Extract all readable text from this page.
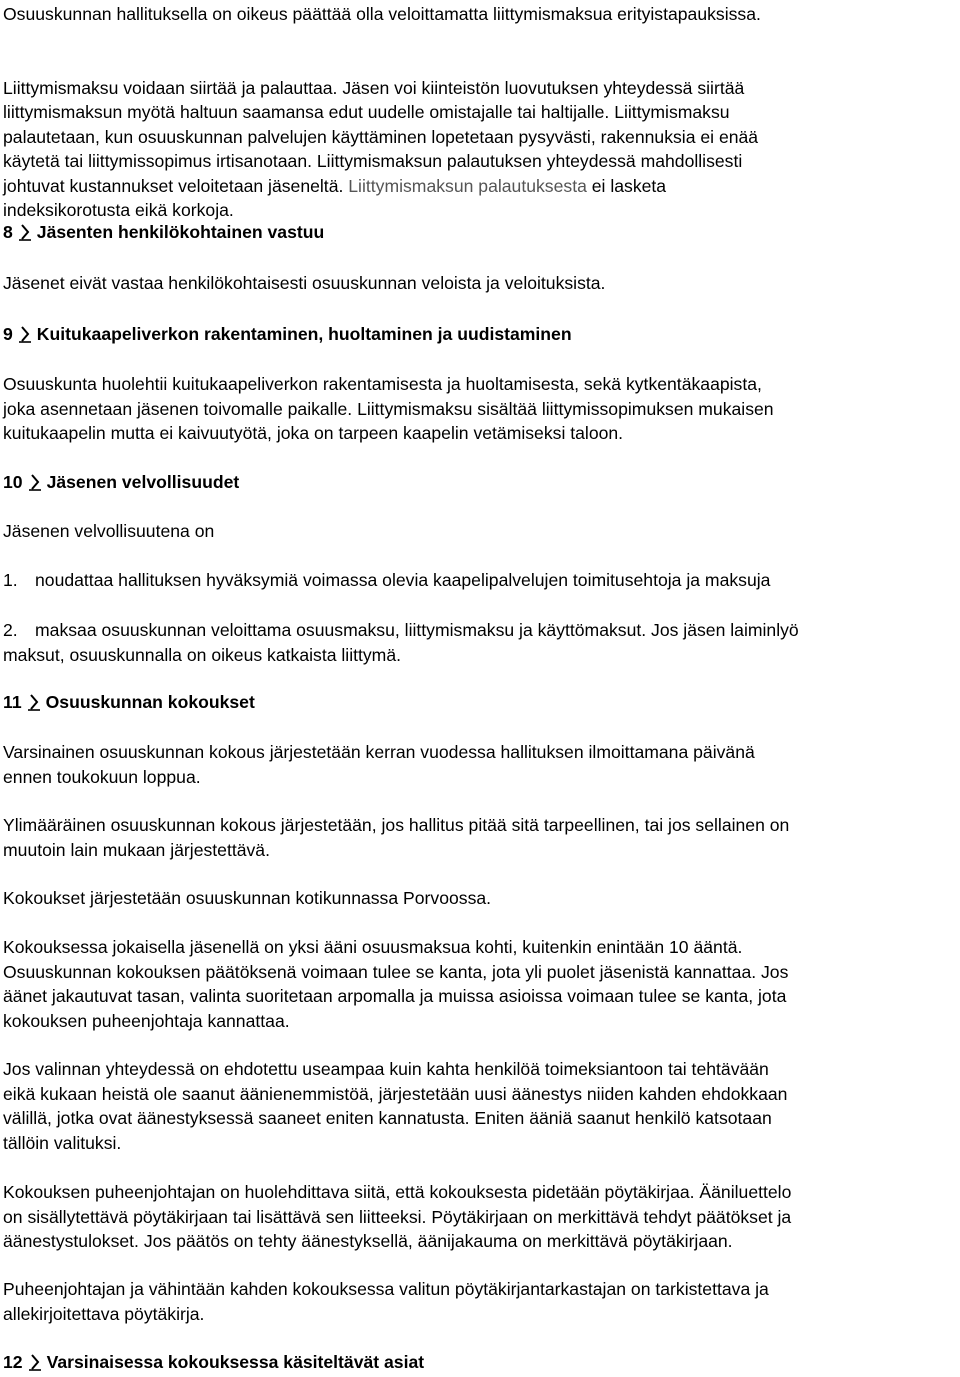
Osuuskunnan hallituksella on oikeus päättää olla veloittamatta liittymismaksua erityistapauksissa.

Liittymismaksu voidaan siirtää ja palauttaa. Jäsen voi kiinteistön luovutuksen yhteydessä siirtää
liittymismaksun myötä haltuun saamansa edut uudelle omistajalle tai haltijalle. Liittymismaksu
palautetaan, kun osuuskunnan palvelujen käyttäminen lopetetaan pysyvästi, rakennuksia ei enää
käytetä tai liittymissopimus irtisanotaan. Liittymismaksun palautuksen yhteydessä mahdollisesti
johtuvat kustannukset veloitetaan jäseneltä. Liittymismaksun palautuksesta ei lasketa
indeksikorotusta eikä korkoja.

8 Jäsenten henkilökohtainen vastuu

Jäsenet eivät vastaa henkilökohtaisesti osuuskunnan veloista ja veloituksista.

9 Kuitukaapeliverkon rakentaminen, huoltaminen ja uudistaminen

Osuuskunta huolehtii kuitukaapeliverkon rakentamisesta ja huoltamisesta, sekä kytkentäkaapista,
joka asennetaan jäsenen toivomalle paikalle. Liittymismaksu sisältää liittymissopimuksen mukaisen
kuitukaapelin mutta ei kaivuutyötä, joka on tarpeen kaapelin vetämiseksi taloon.

10 Jäsenen velvollisuudet

Jäsenen velvollisuutena on

1. noudattaa hallituksen hyväksymiä voimassa olevia kaapelipalvelujen toimitusehtoja ja maksuja
2. maksaa osuuskunnan veloittama osuusmaksu, liittymismaksu ja käyttömaksut. Jos jäsen laiminlyö
maksut, osuuskunnalla on oikeus katkaista liittymä.
11 Osuuskunnan kokoukset

Varsinainen osuuskunnan kokous järjestetään kerran vuodessa hallituksen ilmoittamana päivänä
ennen toukokuun loppua.

Ylimääräinen osuuskunnan kokous järjestetään, jos hallitus pitää sitä tarpeellinen, tai jos sellainen on
muutoin lain mukaan järjestettävä.

Kokoukset järjestetään osuuskunnan kotikunnassa Porvoossa.

Kokouksessa jokaisella jäsenellä on yksi ääni osuusmaksua kohti, kuitenkin enintään 10 ääntä.
Osuuskunnan kokouksen päätöksenä voimaan tulee se kanta, jota yli puolet jäsenistä kannattaa. Jos
äänet jakautuvat tasan, valinta suoritetaan arpomalla ja muissa asioissa voimaan tulee se kanta, jota
kokouksen puheenjohtaja kannattaa.

Jos valinnan yhteydessä on ehdotettu useampaa kuin kahta henkilöä toimeksiantoon tai tehtävään
eikä kukaan heistä ole saanut äänienemmistöä, järjestetään uusi äänestys niiden kahden ehdokkaan
välillä, jotka ovat äänestyksessä saaneet eniten kannatusta. Eniten ääniä saanut henkilö katsotaan
tällöin valituksi.

Kokouksen puheenjohtajan on huolehdittava siitä, että kokouksesta pidetään pöytäkirjaa. Ääniluettelo
on sisällytettävä pöytäkirjaan tai lisättävä sen liitteeksi. Pöytäkirjaan on merkittävä tehdyt päätökset ja
äänestystulokset. Jos päätös on tehty äänestyksellä, äänijakauma on merkittävä pöytäkirjaan.

Puheenjohtajan ja vähintään kahden kokouksessa valitun pöytäkirjantarkastajan on tarkistettava ja
allekirjoitettava pöytäkirja.

12 Varsinaisessa kokouksessa käsiteltävät asiat
